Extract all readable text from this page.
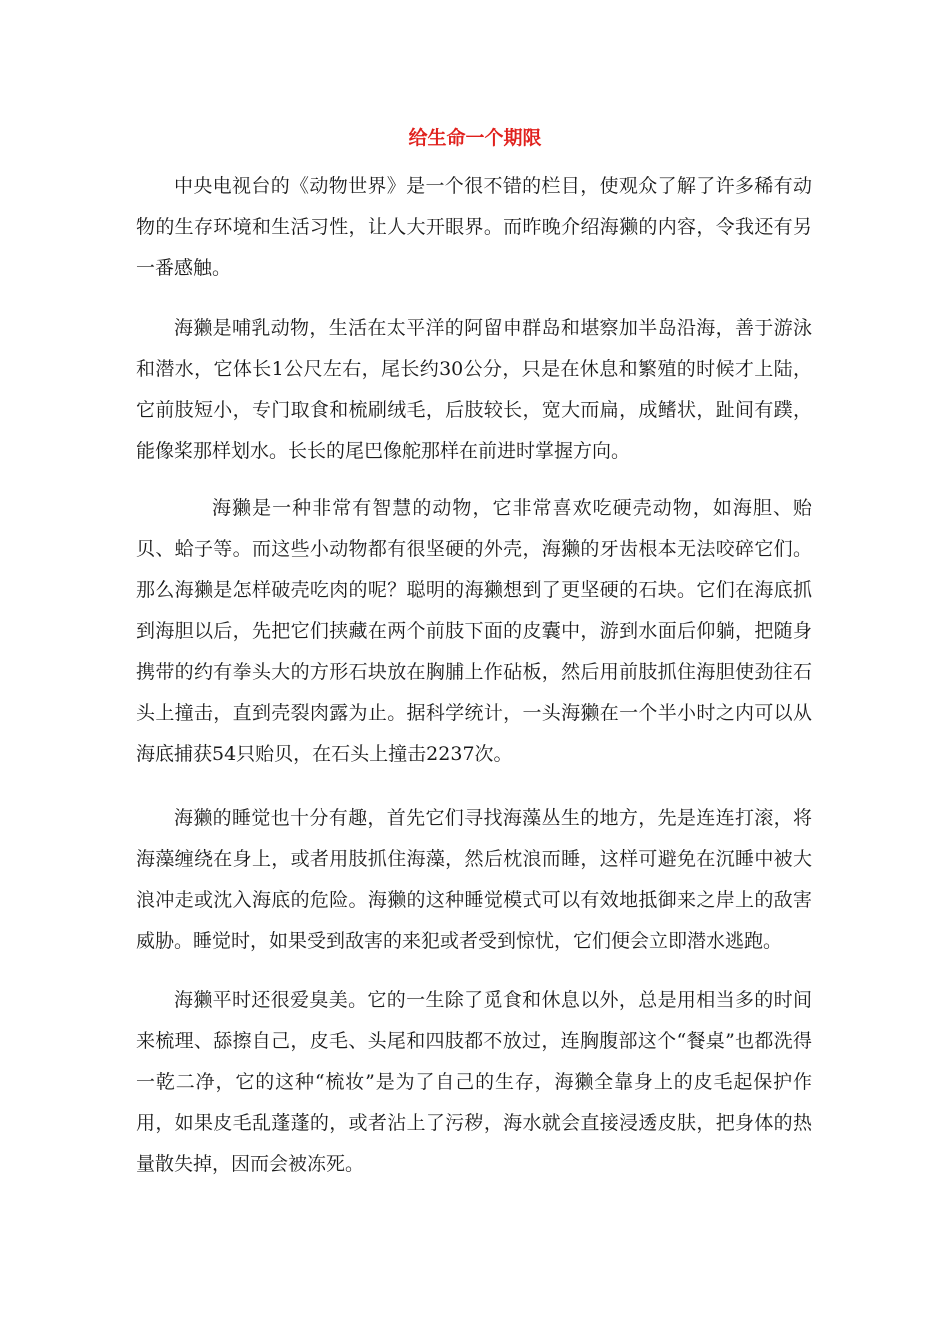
给生命一个期限

中央电视台的《动物世界》是一个很不错的栏目，使观众了解了许多稀有动物的生存环境和生活习性，让人大开眼界。而昨晚介绍海獭的内容，令我还有另一番感触。

海獭是哺乳动物，生活在太平洋的阿留申群岛和堪察加半岛沿海，善于游泳和潜水，它体长1公尺左右，尾长约30公分，只是在休息和繁殖的时候才上陆，它前肢短小，专门取食和梳刷绒毛，后肢较长，宽大而扁，成鳍状，趾间有蹼，能像桨那样划水。长长的尾巴像舵那样在前进时掌握方向。

海獭是一种非常有智慧的动物，它非常喜欢吃硬壳动物，如海胆、贻贝、蛤子等。而这些小动物都有很坚硬的外壳，海獭的牙齿根本无法咬碎它们。那么海獭是怎样破壳吃肉的呢？聪明的海獭想到了更坚硬的石块。它们在海底抓到海胆以后，先把它们挟藏在两个前肢下面的皮囊中，游到水面后仰躺，把随身携带的约有拳头大的方形石块放在胸脯上作砧板，然后用前肢抓住海胆使劲往石头上撞击，直到壳裂肉露为止。据科学统计，一头海獭在一个半小时之内可以从海底捕获54只贻贝，在石头上撞击2237次。

海獭的睡觉也十分有趣，首先它们寻找海藻丛生的地方，先是连连打滚，将海藻缠绕在身上，或者用肢抓住海藻，然后枕浪而睡，这样可避免在沉睡中被大浪冲走或沈入海底的危险。海獭的这种睡觉模式可以有效地抵御来之岸上的敌害威胁。睡觉时，如果受到敌害的来犯或者受到惊忧，它们便会立即潜水逃跑。

海獭平时还很爱臭美。它的一生除了觅食和休息以外，总是用相当多的时间来梳理、舔擦自己，皮毛、头尾和四肢都不放过，连胸腹部这个“餐桌”也都洗得一乾二净，它的这种“梳妆”是为了自己的生存，海獭全靠身上的皮毛起保护作用，如果皮毛乱蓬蓬的，或者沾上了污秽，海水就会直接浸透皮肤，把身体的热量散失掉，因而会被冻死。
